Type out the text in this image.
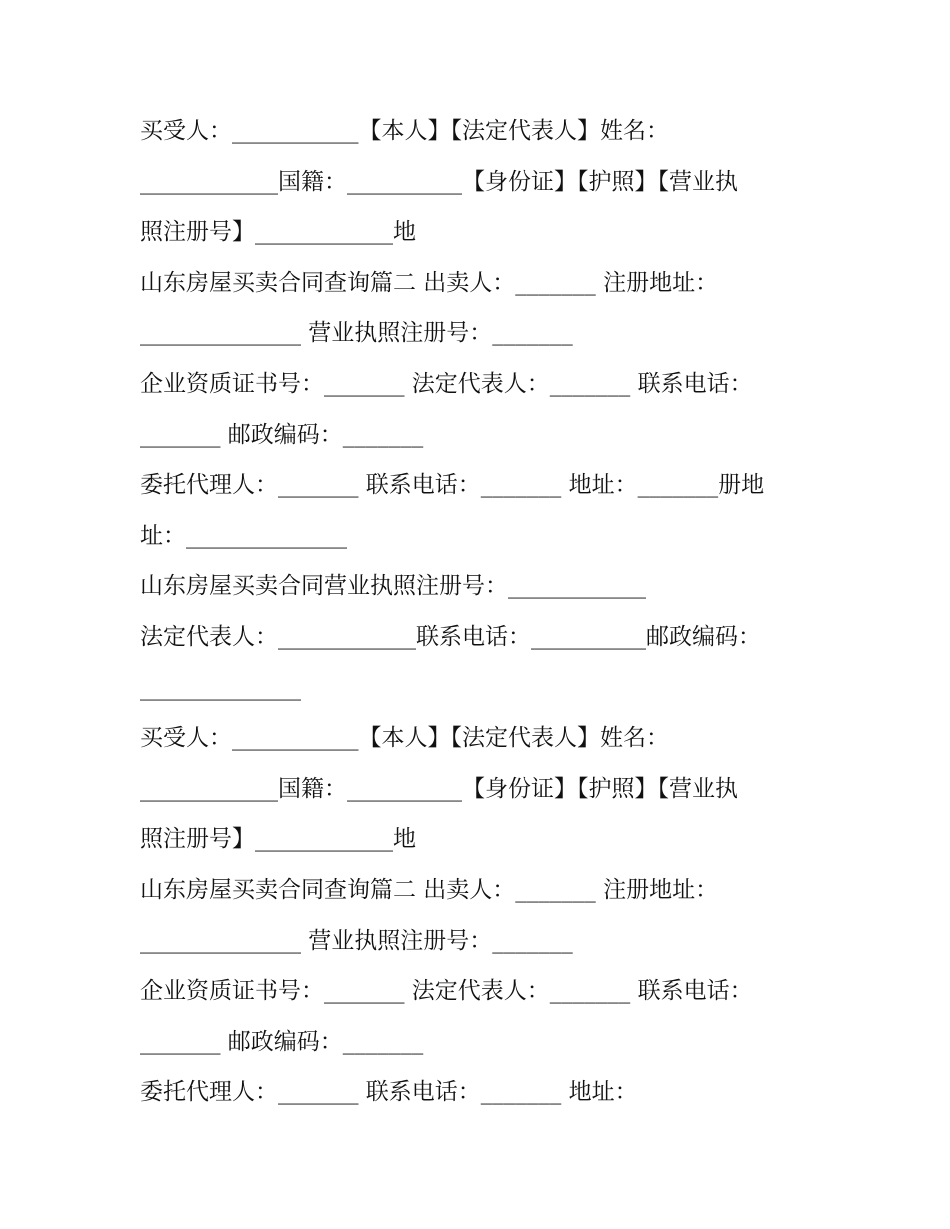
买受人：___________【本人】【法定代表人】姓名：
____________国籍：__________【身份证】【护照】【营业执
照注册号】____________地
山东房屋买卖合同查询篇二 出卖人：_______ 注册地址：
______________ 营业执照注册号：_______
企业资质证书号：_______ 法定代表人：_______ 联系电话：
_______ 邮政编码：_______
委托代理人：_______ 联系电话：_______ 地址：_______册地
址：______________
山东房屋买卖合同营业执照注册号：____________
法定代表人：____________联系电话：__________邮政编码：
______________
买受人：___________【本人】【法定代表人】姓名：
____________国籍：__________【身份证】【护照】【营业执
照注册号】____________地
山东房屋买卖合同查询篇二 出卖人：_______ 注册地址：
______________ 营业执照注册号：_______
企业资质证书号：_______ 法定代表人：_______ 联系电话：
_______ 邮政编码：_______
委托代理人：_______ 联系电话：_______ 地址：
